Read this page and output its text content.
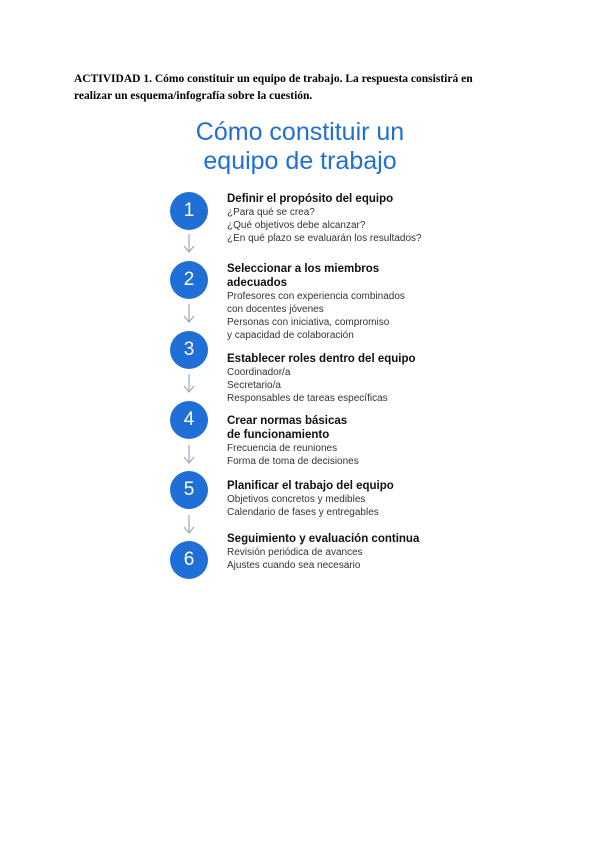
ACTIVIDAD 1. Cómo constituir un equipo de trabajo. La respuesta consistirá en
realizar un esquema/infografía sobre la cuestión.
Cómo constituir un
equipo de trabajo
1
Definir el propósito del equipo
¿Para qué se crea?
¿Qué objetivos debe alcanzar?
¿En qué plazo se evaluarán los resultados?
2	Seleccionar a los miembros
adecuados
Profesores con experiencia combinados
con docentes jóvenes
Personas con iniciativa, compromiso
y capacidad de colaboración
3	Establecer roles dentro del equipo
Coordinador/a
Secretario/a
Responsables de tareas específicas
4	Crear normas básicas
de funcionamiento
Frecuencia de reuniones
Forma de toma de decisiones
5	Planificar el trabajo del equipo
Objetivos concretos y medibles
Calendario de fases y entregables
6
Seguimiento y evaluación continua
Revisión periódica de avances
Ajustes cuando sea necesario
